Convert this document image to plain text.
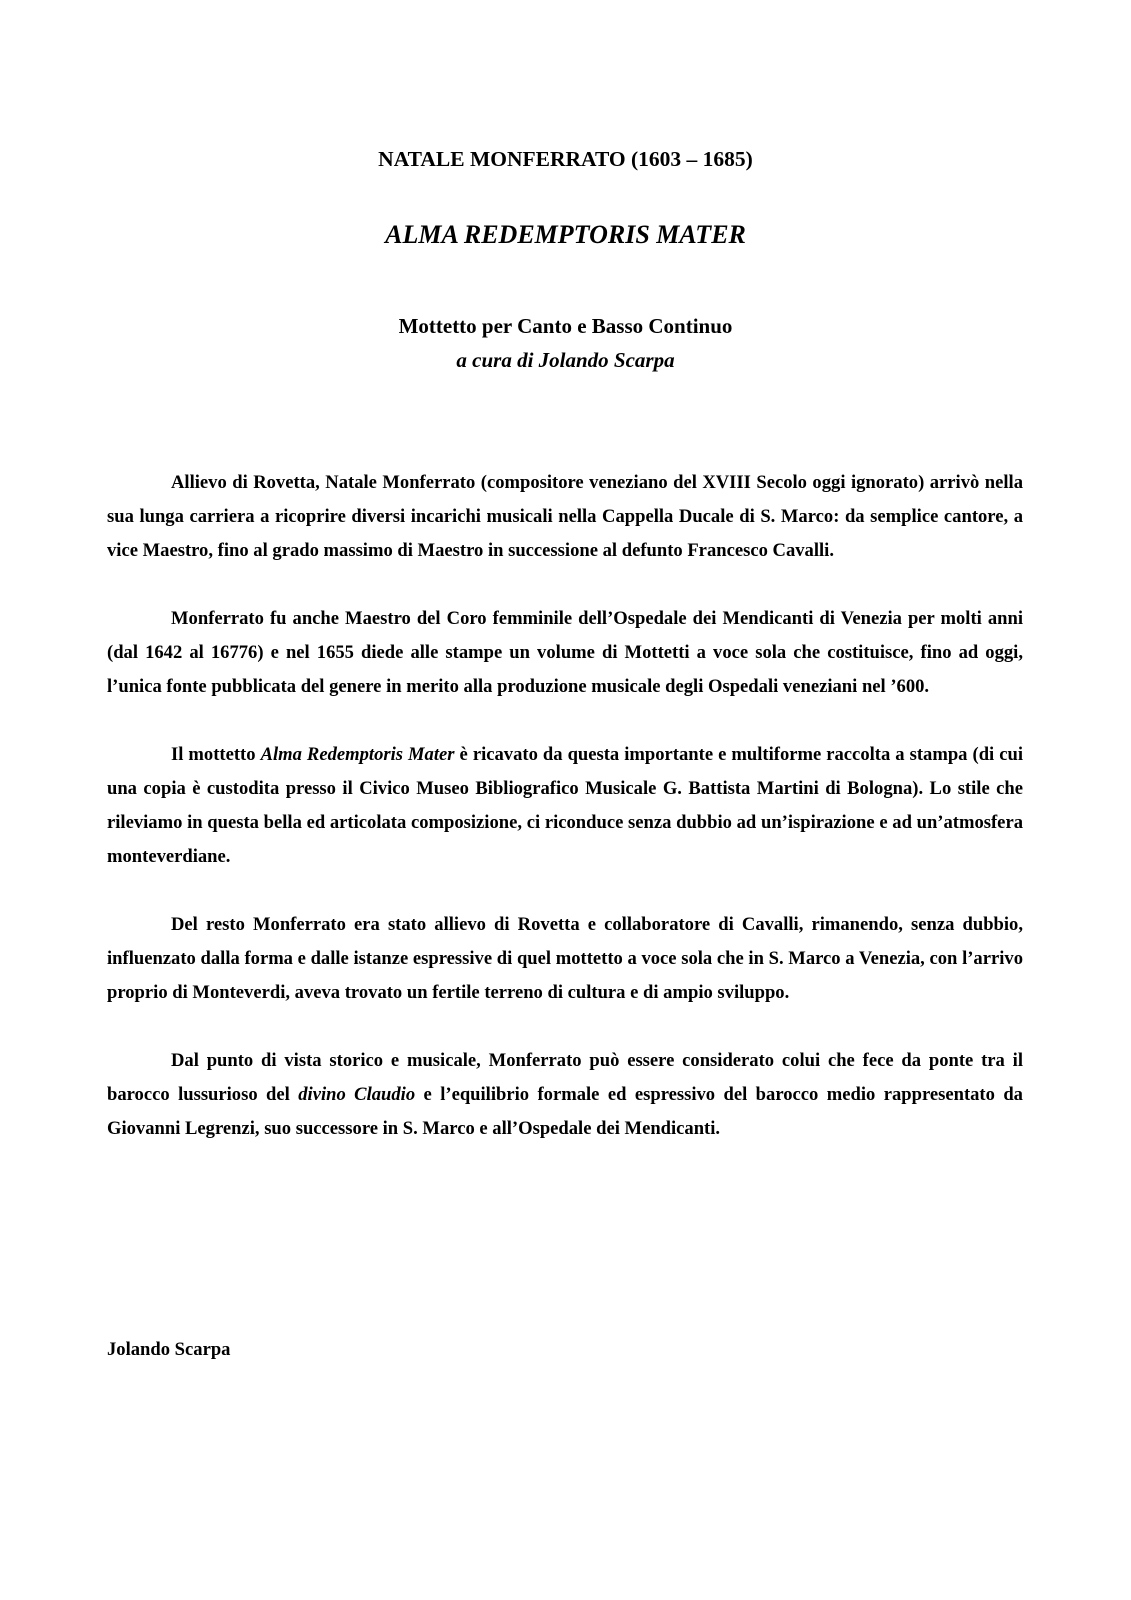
NATALE MONFERRATO (1603 – 1685)
ALMA REDEMPTORIS MATER
Mottetto per Canto e Basso Continuo
a cura di Jolando Scarpa

Allievo di Rovetta, Natale Monferrato (compositore veneziano del XVIII Secolo oggi ignorato) arrivò nella sua lunga carriera a ricoprire diversi incarichi musicali nella Cappella Ducale di S. Marco: da semplice cantore, a vice Maestro, fino al grado massimo di Maestro in successione al defunto Francesco Cavalli.

Monferrato fu anche Maestro del Coro femminile dell’Ospedale dei Mendicanti di Venezia per molti anni (dal 1642 al 16776) e nel 1655 diede alle stampe un volume di Mottetti a voce sola che costituisce, fino ad oggi, l’unica fonte pubblicata del genere in merito alla produzione musicale degli Ospedali veneziani nel ’600.

Il mottetto Alma Redemptoris Mater è ricavato da questa importante e multiforme raccolta a stampa (di cui una copia è custodita presso il Civico Museo Bibliografico Musicale G. Battista Martini di Bologna). Lo stile che rileviamo in questa bella ed articolata composizione, ci riconduce senza dubbio ad un’ispirazione e ad un’atmosfera monteverdiane.

Del resto Monferrato era stato allievo di Rovetta e collaboratore di Cavalli, rimanendo, senza dubbio, influenzato dalla forma e dalle istanze espressive di quel mottetto a voce sola che in S. Marco a Venezia, con l’arrivo proprio di Monteverdi, aveva trovato un fertile terreno di cultura e di ampio sviluppo.

Dal punto di vista storico e musicale, Monferrato può essere considerato colui che fece da ponte tra il barocco lussurioso del divino Claudio e l’equilibrio formale ed espressivo del barocco medio rappresentato da Giovanni Legrenzi, suo successore in S. Marco e all’Ospedale dei Mendicanti.

Jolando Scarpa
